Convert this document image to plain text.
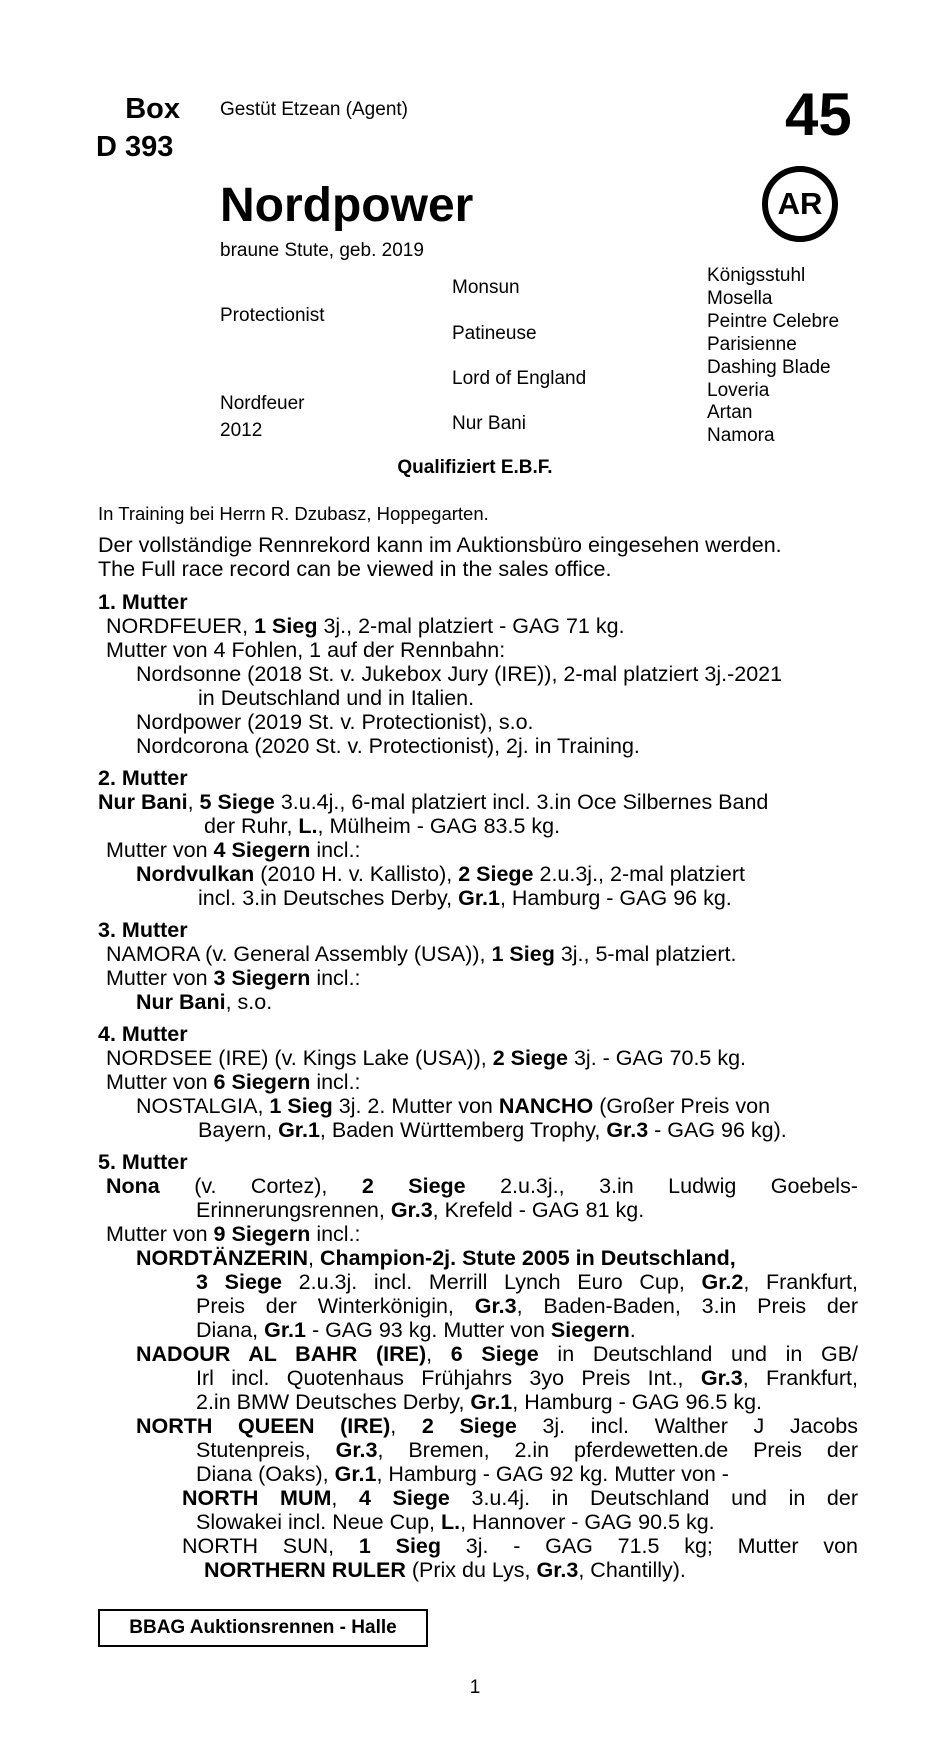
Box
D 393
Gestüt Etzean (Agent)	45
AR
Nordpower
braune Stute, geb. 2019
Protectionist
Nordfeuer
2012
Monsun
Patineuse
Lord of England
Nur Bani
Königsstuhl
Mosella
Peintre Celebre
Parisienne
Dashing Blade
Loveria
Artan
Namora
Qualifiziert E.B.F.
In Training bei Herrn R. Dzubasz, Hoppegarten.
Der vollständige Rennrekord kann im Auktionsbüro eingesehen werden.
The Full race record can be viewed in the sales office.

1. Mutter

NORDFEUER, 1 Sieg 3j., 2-mal platziert - GAG 71 kg.

Mutter von 4 Fohlen, 1 auf der Rennbahn:

Nordsonne (2018 St. v. Jukebox Jury (IRE)), 2-mal platziert 3j.-2021

in Deutschland und in Italien.

Nordpower (2019 St. v. Protectionist), s.o.

Nordcorona (2020 St. v. Protectionist), 2j. in Training.

2. Mutter

Nur Bani, 5 Siege 3.u.4j., 6-mal platziert incl. 3.in Oce Silbernes Band

der Ruhr, L., Mülheim - GAG 83.5 kg.

Mutter von 4 Siegern incl.:

Nordvulkan (2010 H. v. Kallisto), 2 Siege 2.u.3j., 2-mal platziert

incl. 3.in Deutsches Derby, Gr.1, Hamburg - GAG 96 kg.

3. Mutter

NAMORA (v. General Assembly (USA)), 1 Sieg 3j., 5-mal platziert.

Mutter von 3 Siegern incl.:

Nur Bani, s.o.

4. Mutter

NORDSEE (IRE) (v. Kings Lake (USA)), 2 Siege 3j. - GAG 70.5 kg.

Mutter von 6 Siegern incl.:

NOSTALGIA, 1 Sieg 3j. 2. Mutter von NANCHO (Großer Preis von

Bayern, Gr.1, Baden Württemberg Trophy, Gr.3 - GAG 96 kg).

5. Mutter

Nona (v. Cortez), 2 Siege 2.u.3j., 3.in Ludwig Goebels-

Erinnerungsrennen, Gr.3, Krefeld - GAG 81 kg.

Mutter von 9 Siegern incl.:

NORDTÄNZERIN, Champion-2j. Stute 2005 in Deutschland,

3 Siege 2.u.3j. incl. Merrill Lynch Euro Cup, Gr.2, Frankfurt,

Preis der Winterkönigin, Gr.3, Baden-Baden, 3.in Preis der

Diana, Gr.1 - GAG 93 kg. Mutter von Siegern.

NADOUR AL BAHR (IRE), 6 Siege in Deutschland und in GB/

Irl incl. Quotenhaus Frühjahrs 3yo Preis Int., Gr.3, Frankfurt,

2.in BMW Deutsches Derby, Gr.1, Hamburg - GAG 96.5 kg.

NORTH QUEEN (IRE), 2 Siege 3j. incl. Walther J Jacobs

Stutenpreis, Gr.3, Bremen, 2.in pferdewetten.de Preis der

Diana (Oaks), Gr.1, Hamburg - GAG 92 kg. Mutter von -

NORTH MUM, 4 Siege 3.u.4j. in Deutschland und in der

Slowakei incl. Neue Cup, L., Hannover - GAG 90.5 kg.

NORTH SUN, 1 Sieg 3j. - GAG 71.5 kg; Mutter von

NORTHERN RULER (Prix du Lys, Gr.3, Chantilly).

BBAG Auktionsrennen - Halle
1
